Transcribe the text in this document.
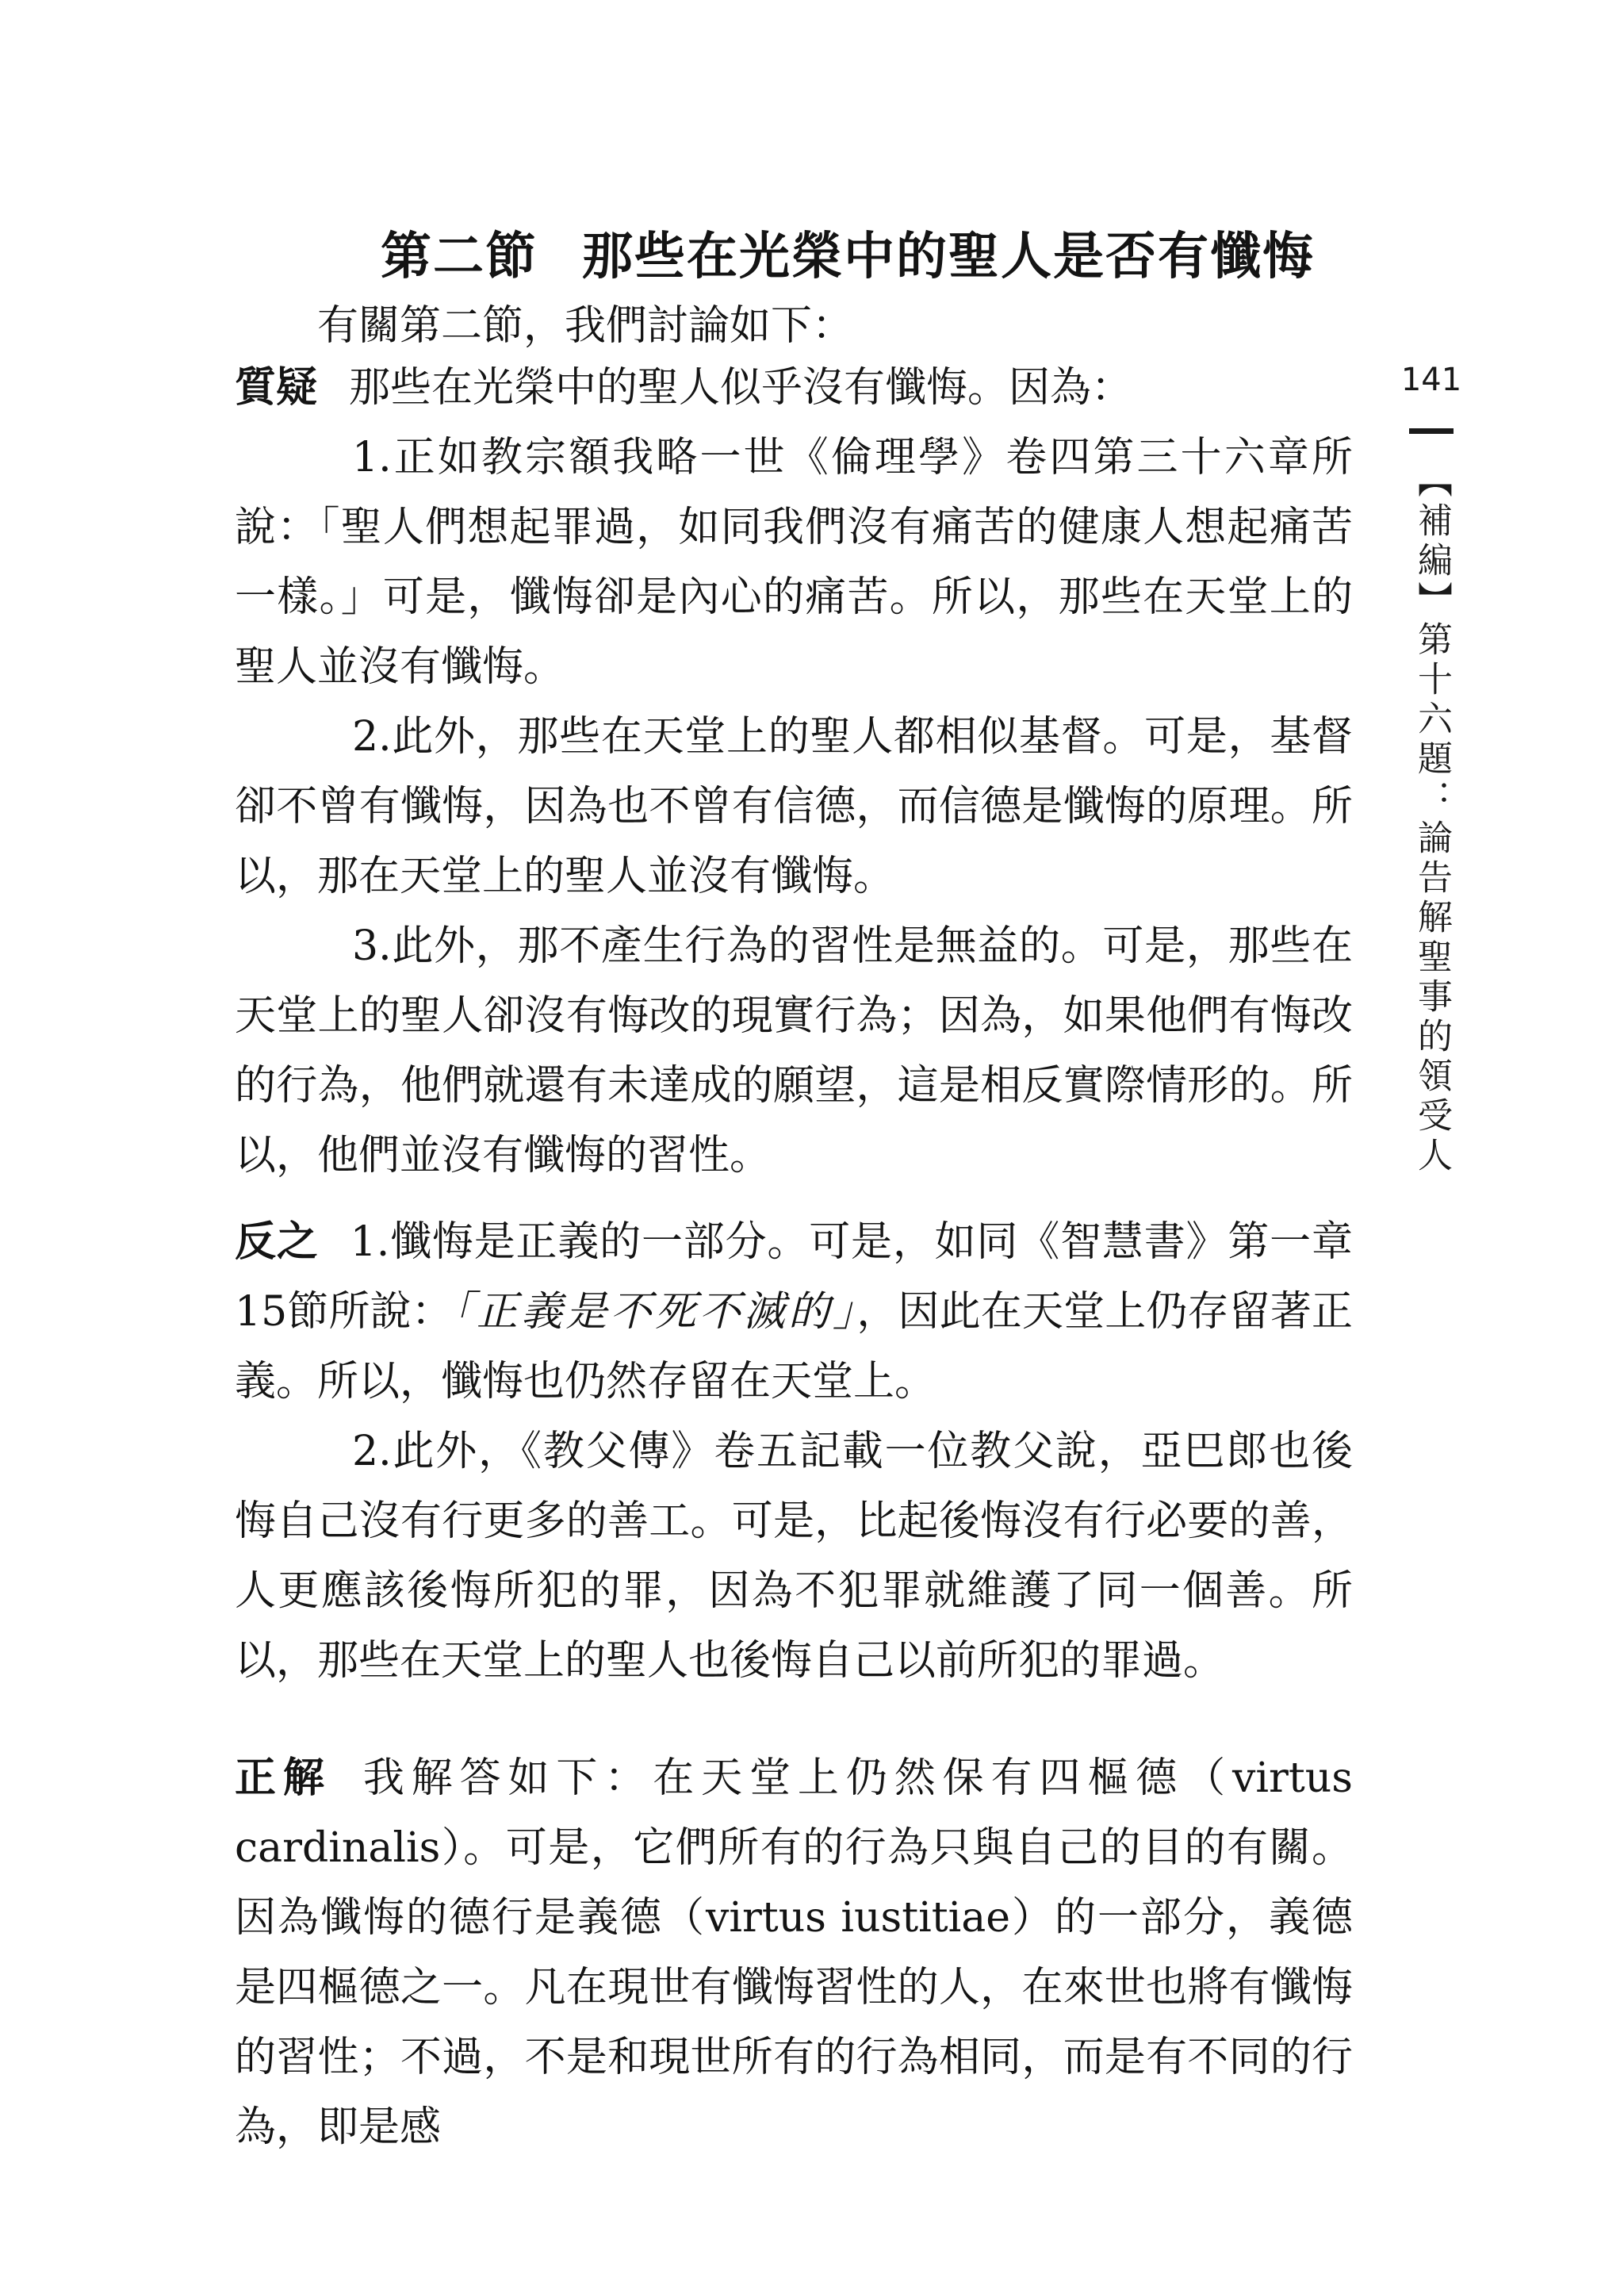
第二節 那些在光榮中的聖人是否有懺悔
有關第二節，我們討論如下：

質疑 那些在光榮中的聖人似乎沒有懺悔。因為：

1.正如教宗額我略一世《倫理學》卷四第三十六章所說：「聖人們想起罪過，如同我們沒有痛苦的健康人想起痛苦一樣。」可是，懺悔卻是內心的痛苦。所以，那些在天堂上的聖人並沒有懺悔。

2.此外，那些在天堂上的聖人都相似基督。可是，基督卻不曾有懺悔，因為也不曾有信德，而信德是懺悔的原理。所以，那在天堂上的聖人並沒有懺悔。

3.此外，那不產生行為的習性是無益的。可是，那些在天堂上的聖人卻沒有悔改的現實行為；因為，如果他們有悔改的行為，他們就還有未達成的願望，這是相反實際情形的。所以，他們並沒有懺悔的習性。

反之 1.懺悔是正義的一部分。可是，如同《智慧書》第一章15節所說：「正義是不死不滅的」，因此在天堂上仍存留著正義。所以，懺悔也仍然存留在天堂上。

2.此外，《教父傳》卷五記載一位教父說，亞巴郎也後悔自己沒有行更多的善工。可是，比起後悔沒有行必要的善，人更應該後悔所犯的罪，因為不犯罪就維護了同一個善。所以，那些在天堂上的聖人也後悔自己以前所犯的罪過。

正解 我解答如下：在天堂上仍然保有四樞德（virtus cardinalis）。可是，它們所有的行為只與自己的目的有關。因為懺悔的德行是義德（virtus iustitiae）的一部分，義德是四樞德之一。凡在現世有懺悔習性的人，在來世也將有懺悔的習性；不過，不是和現世所有的行為相同，而是有不同的行為，即是感

141
【補編】第十六題：論告解聖事的領受人
